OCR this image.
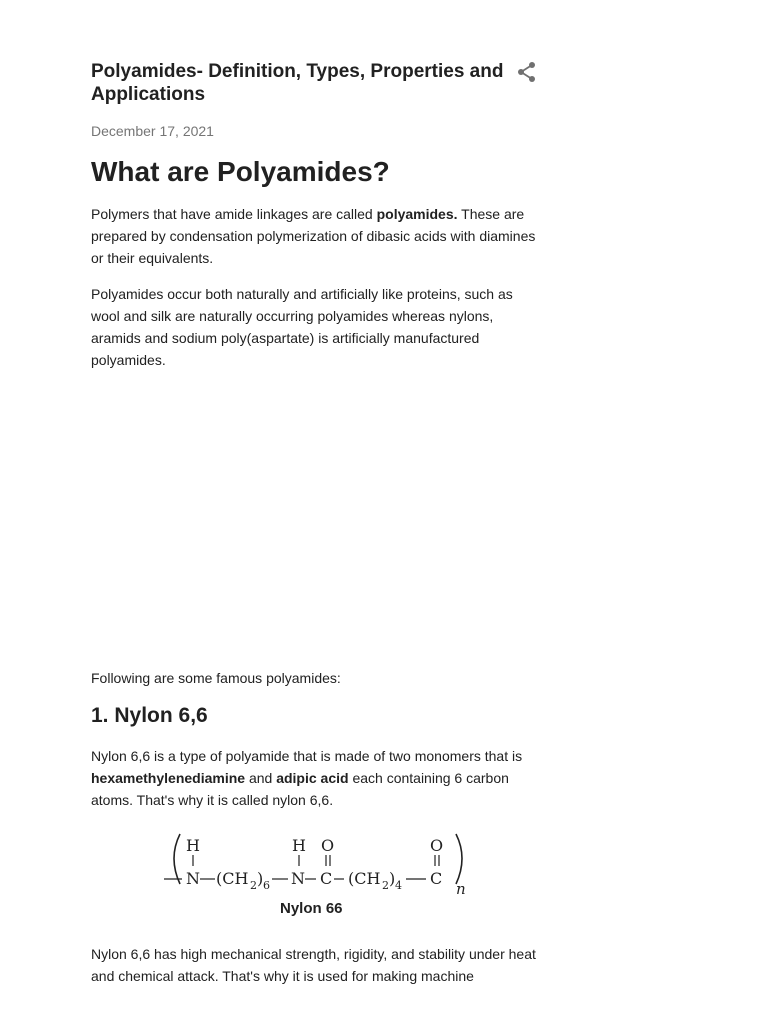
Polyamides- Definition, Types, Properties and Applications
December 17, 2021
What are Polyamides?

Polymers that have amide linkages are called polyamides. These are prepared by condensation polymerization of dibasic acids with diamines or their equivalents.

Polyamides occur both naturally and artificially like proteins, such as wool and silk are naturally occurring polyamides whereas nylons, aramids and sodium poly(aspartate) is artificially manufactured polyamides.

Following are some famous polyamides:

1. Nylon 6,6

Nylon 6,6 is a type of polyamide that is made of two monomers that is hexamethylenediamine and adipic acid each containing 6 carbon atoms. That's why it is called nylon 6,6.

H
N (CH 2 ) 6
H
N
O
C (CH 2 ) 4
O
C
n
Nylon 66

Nylon 6,6 has high mechanical strength, rigidity, and stability under heat and chemical attack. That's why it is used for making machine
